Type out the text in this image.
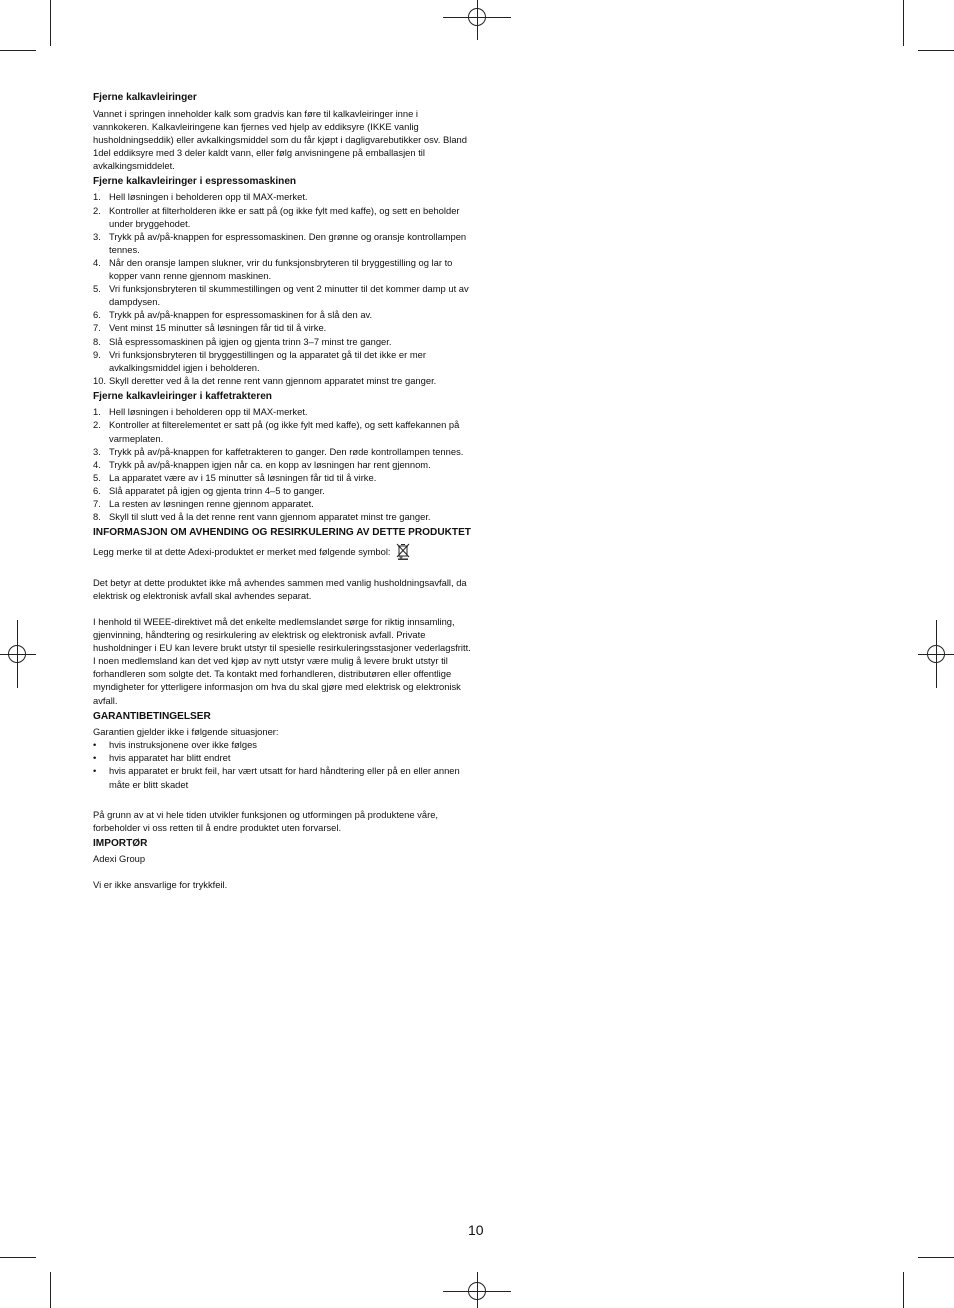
Fjerne kalkavleiringer

Vannet i springen inneholder kalk som gradvis kan føre til kalkavleiringer inne i vannkokeren. Kalkavleiringene kan fjernes ved hjelp av eddiksyre (IKKE vanlig husholdningseddik) eller avkalkingsmiddel som du får kjøpt i dagligvarebutikker osv. Bland 1del eddiksyre med 3 deler kaldt vann, eller følg anvisningene på emballasjen til avkalkingsmiddelet.

Fjerne kalkavleiringer i espressomaskinen
1. Hell løsningen i beholderen opp til MAX-merket.
2. Kontroller at filterholderen ikke er satt på (og ikke fylt med kaffe), og sett en beholder under bryggehodet.
3. Trykk på av/på-knappen for espressomaskinen. Den grønne og oransje kontrollampen tennes.
4. Når den oransje lampen slukner, vrir du funksjonsbryteren til bryggestilling og lar to kopper vann renne gjennom maskinen.
5. Vri funksjonsbryteren til skummestillingen og vent 2 minutter til det kommer damp ut av dampdysen.
6. Trykk på av/på-knappen for espressomaskinen for å slå den av.
7. Vent minst 15 minutter så løsningen får tid til å virke.
8. Slå espressomaskinen på igjen og gjenta trinn 3–7 minst tre ganger.
9. Vri funksjonsbryteren til bryggestillingen og la apparatet gå til det ikke er mer avkalkingsmiddel igjen i beholderen.
10. Skyll deretter ved å la det renne rent vann gjennom apparatet minst tre ganger.
Fjerne kalkavleiringer i kaffetrakteren
1. Hell løsningen i beholderen opp til MAX-merket.
2. Kontroller at filterelementet er satt på (og ikke fylt med kaffe), og sett kaffekannen på varmeplaten.
3. Trykk på av/på-knappen for kaffetrakteren to ganger. Den røde kontrollampen tennes.
4. Trykk på av/på-knappen igjen når ca. en kopp av løsningen har rent gjennom.
5. La apparatet være av i 15 minutter så løsningen får tid til å virke.
6. Slå apparatet på igjen og gjenta trinn 4–5 to ganger.
7. La resten av løsningen renne gjennom apparatet.
8. Skyll til slutt ved å la det renne rent vann gjennom apparatet minst tre ganger.
INFORMASJON OM AVHENDING OG RESIRKULERING AV DETTE PRODUKTET

Legg merke til at dette Adexi-produktet er merket med følgende symbol:

Det betyr at dette produktet ikke må avhendes sammen med vanlig husholdningsavfall, da elektrisk og elektronisk avfall skal avhendes separat.

I henhold til WEEE-direktivet må det enkelte medlemslandet sørge for riktig innsamling, gjenvinning, håndtering og resirkulering av elektrisk og elektronisk avfall. Private husholdninger i EU kan levere brukt utstyr til spesielle resirkuleringsstasjoner vederlagsfritt. I noen medlemsland kan det ved kjøp av nytt utstyr være mulig å levere brukt utstyr til forhandleren som solgte det. Ta kontakt med forhandleren, distributøren eller offentlige myndigheter for ytterligere informasjon om hva du skal gjøre med elektrisk og elektronisk avfall.

GARANTIBETINGELSER

Garantien gjelder ikke i følgende situasjoner:

• hvis instruksjonene over ikke følges
• hvis apparatet har blitt endret
• hvis apparatet er brukt feil, har vært utsatt for hard håndtering eller på en eller annen måte er blitt skadet

På grunn av at vi hele tiden utvikler funksjonen og utformingen på produktene våre, forbeholder vi oss retten til å endre produktet uten forvarsel.

IMPORTØR

Adexi Group

Vi er ikke ansvarlige for trykkfeil.

10
